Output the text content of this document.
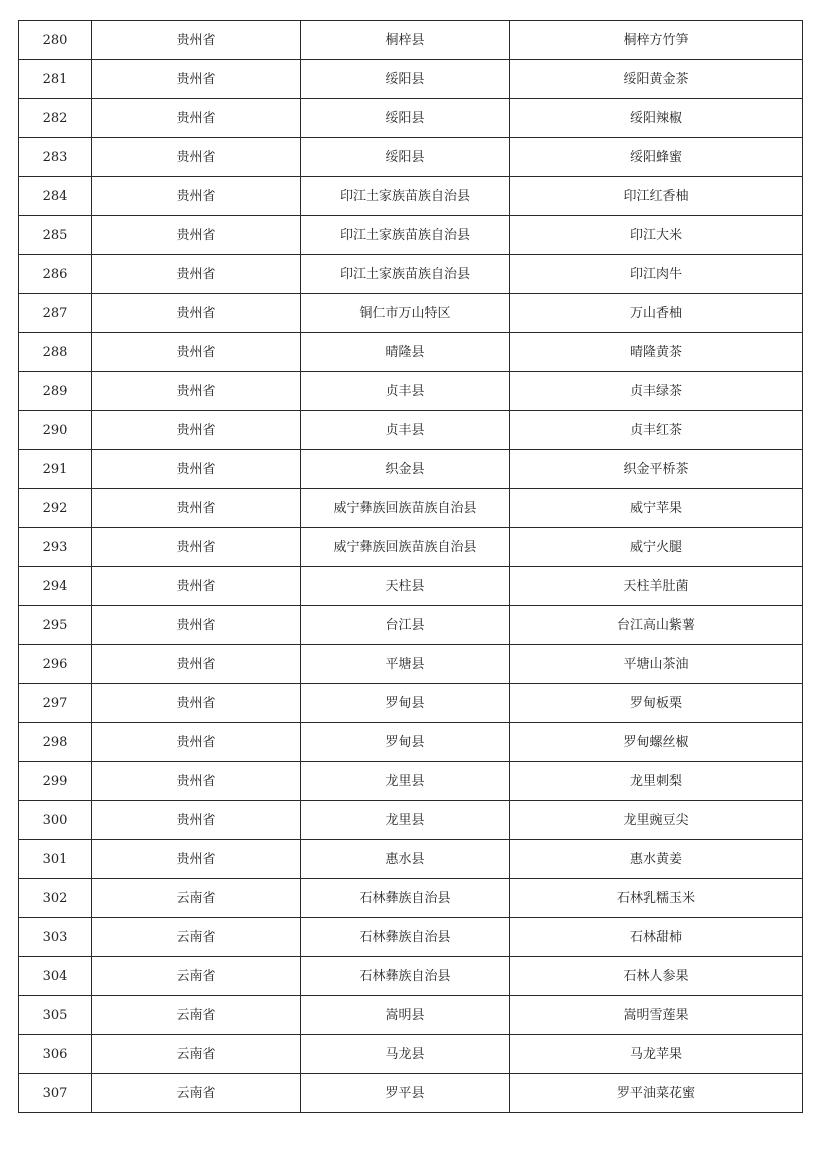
280	贵州省	桐梓县	桐梓方竹笋
281	贵州省	绥阳县	绥阳黄金茶
282	贵州省	绥阳县	绥阳辣椒
283	贵州省	绥阳县	绥阳蜂蜜
284	贵州省	印江土家族苗族自治县	印江红香柚
285	贵州省	印江土家族苗族自治县	印江大米
286	贵州省	印江土家族苗族自治县	印江肉牛
287	贵州省	铜仁市万山特区	万山香柚
288	贵州省	晴隆县	晴隆黄茶
289	贵州省	贞丰县	贞丰绿茶
290	贵州省	贞丰县	贞丰红茶
291	贵州省	织金县	织金平桥茶
292	贵州省	威宁彝族回族苗族自治县	威宁苹果
293	贵州省	威宁彝族回族苗族自治县	威宁火腿
294	贵州省	天柱县	天柱羊肚菌
295	贵州省	台江县	台江高山紫薯
296	贵州省	平塘县	平塘山茶油
297	贵州省	罗甸县	罗甸板栗
298	贵州省	罗甸县	罗甸螺丝椒
299	贵州省	龙里县	龙里刺梨
300	贵州省	龙里县	龙里豌豆尖
301	贵州省	惠水县	惠水黄姜
302	云南省	石林彝族自治县	石林乳糯玉米
303	云南省	石林彝族自治县	石林甜柿
304	云南省	石林彝族自治县	石林人参果
305	云南省	嵩明县	嵩明雪莲果
306	云南省	马龙县	马龙苹果
307	云南省	罗平县	罗平油菜花蜜
